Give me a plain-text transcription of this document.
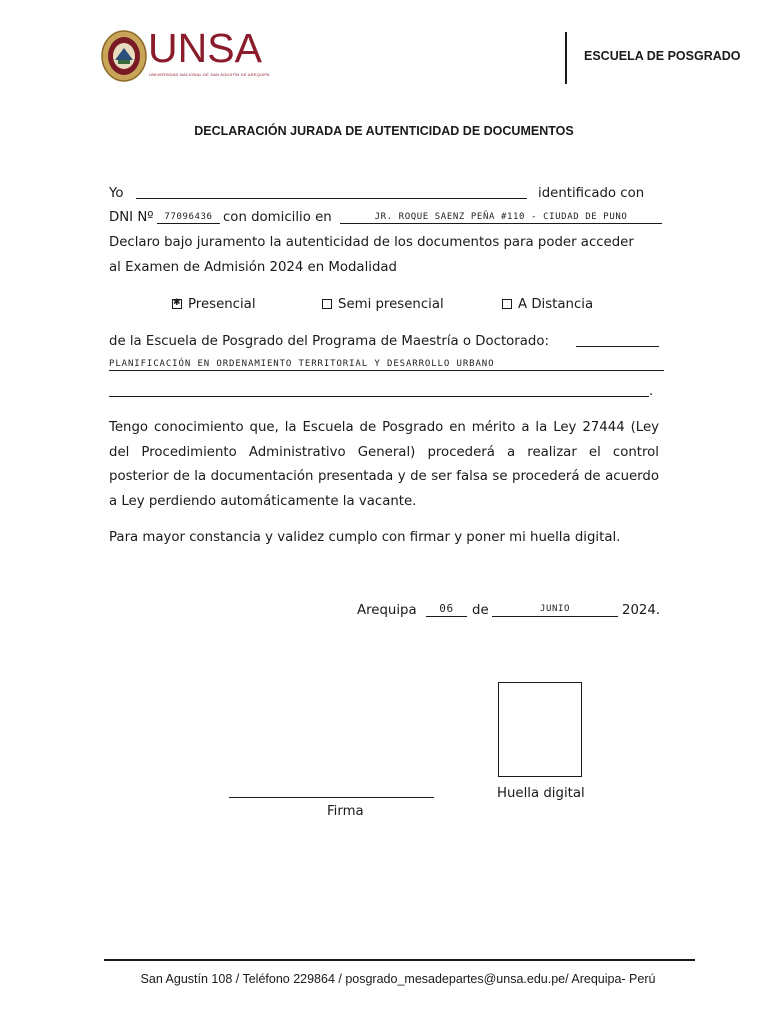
UNSA
UNIVERSIDAD NACIONAL DE SAN AGUSTÍN DE AREQUIPA
ESCUELA DE POSGRADO
DECLARACIÓN JURADA DE AUTENTICIDAD DE DOCUMENTOS
Yo	identificado con
DNI Nº	77096436 con domicilio en	JR. ROQUE SAENZ PEÑA #110 - CIUDAD DE PUNO
Declaro bajo juramento la autenticidad de los documentos para poder acceder
al Examen de Admisión 2024 en Modalidad
✱Presencial	Semi presencial	A Distancia
de la Escuela de Posgrado del Programa de Maestría o Doctorado:
PLANIFICACIÓN EN ORDENAMIENTO TERRITORIAL Y DESARROLLO URBANO
.
Tengo conocimiento que, la Escuela de Posgrado en mérito a la Ley 27444 (Ley del Procedimiento Administrativo General) procederá a realizar el control posterior de la documentación presentada y de ser falsa se procederá de acuerdo a Ley perdiendo automáticamente la vacante.
Para mayor constancia y validez cumplo con firmar y poner mi huella digital.
Arequipa	06	de	JUNIO	2024.
Firma
Huella digital
San Agustín 108 / Teléfono 229864 / posgrado_mesadepartes@unsa.edu.pe/ Arequipa- Perú
